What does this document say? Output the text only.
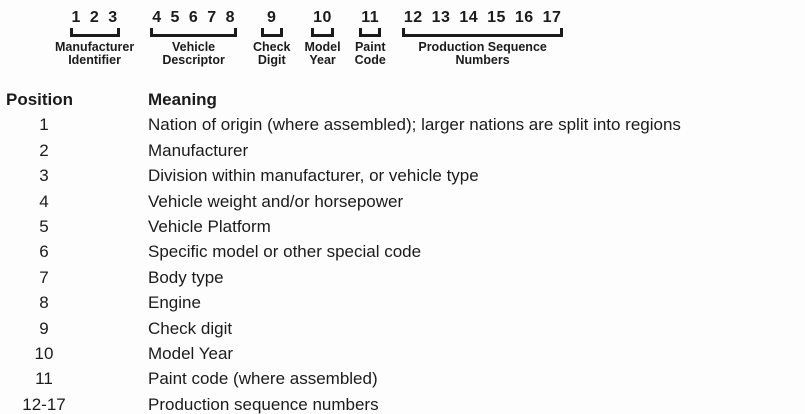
1 2 3
Manufacturer
Identifier
4 5 6 7 8
Vehicle
Descriptor
9
Check
Digit
10
Model
Year
11
Paint
Code
12 13 14 15 16 17
Production Sequence
Numbers
Position	Meaning
1	Nation of origin (where assembled); larger nations are split into regions
2	Manufacturer
3	Division within manufacturer, or vehicle type
4	Vehicle weight and/or horsepower
5	Vehicle Platform
6	Specific model or other special code
7	Body type
8	Engine
9	Check digit
10	Model Year
11	Paint code (where assembled)
12-17	Production sequence numbers
